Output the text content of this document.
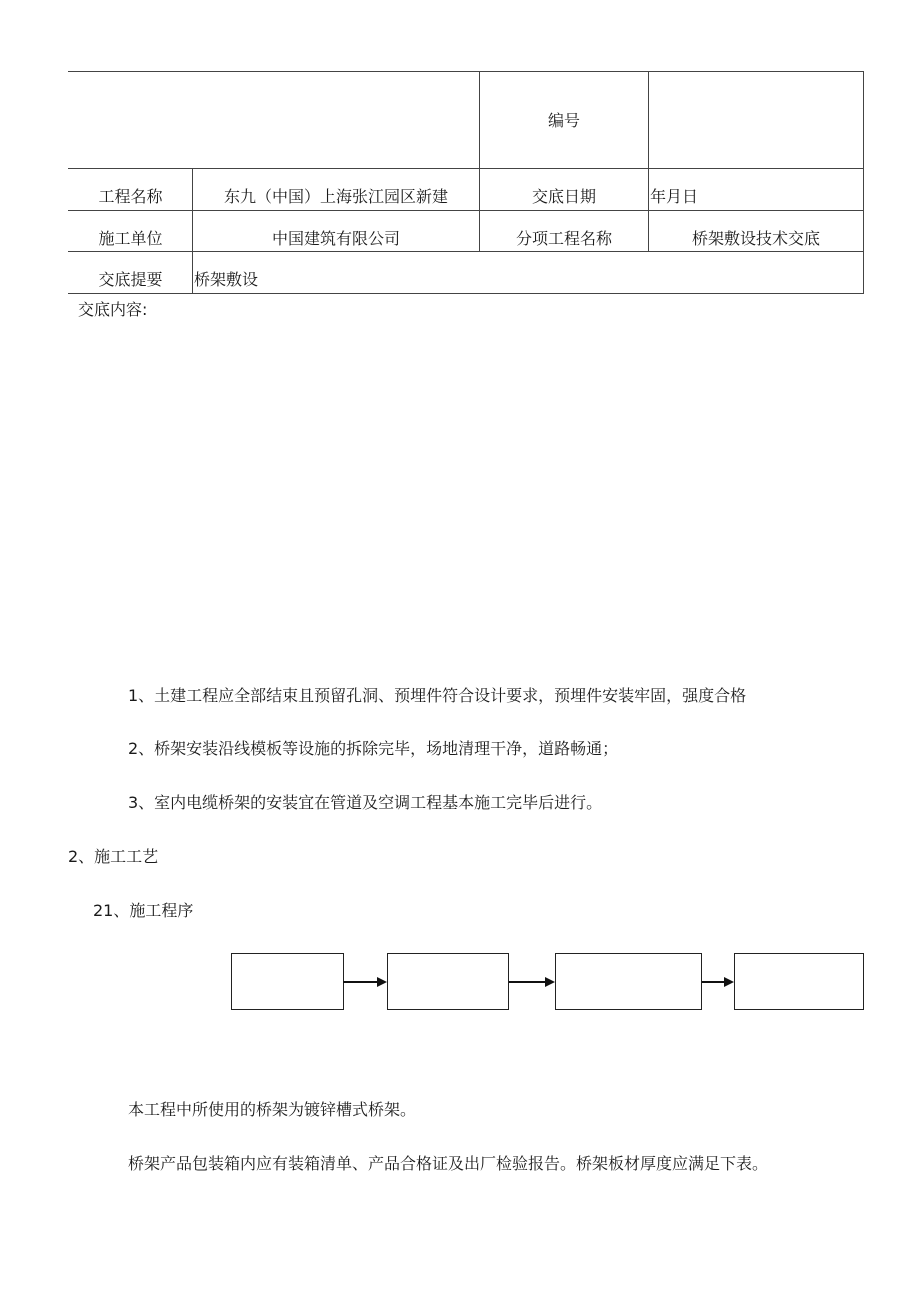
编号
工程名称	东九（中国）上海张江园区新建	交底日期	年月日
施工单位	中国建筑有限公司	分项工程名称	桥架敷设技术交底
交底提要	桥架敷设
交底内容:
1、土建工程应全部结束且预留孔洞、预埋件符合设计要求，预埋件安装牢固，强度合格
2、桥架安装沿线模板等设施的拆除完毕，场地清理干净，道路畅通；
3、室内电缆桥架的安装宜在管道及空调工程基本施工完毕后进行。
2、施工工艺
21、施工程序
本工程中所使用的桥架为镀锌槽式桥架。
桥架产品包装箱内应有装箱清单、产品合格证及出厂检验报告。桥架板材厚度应满足下表。
